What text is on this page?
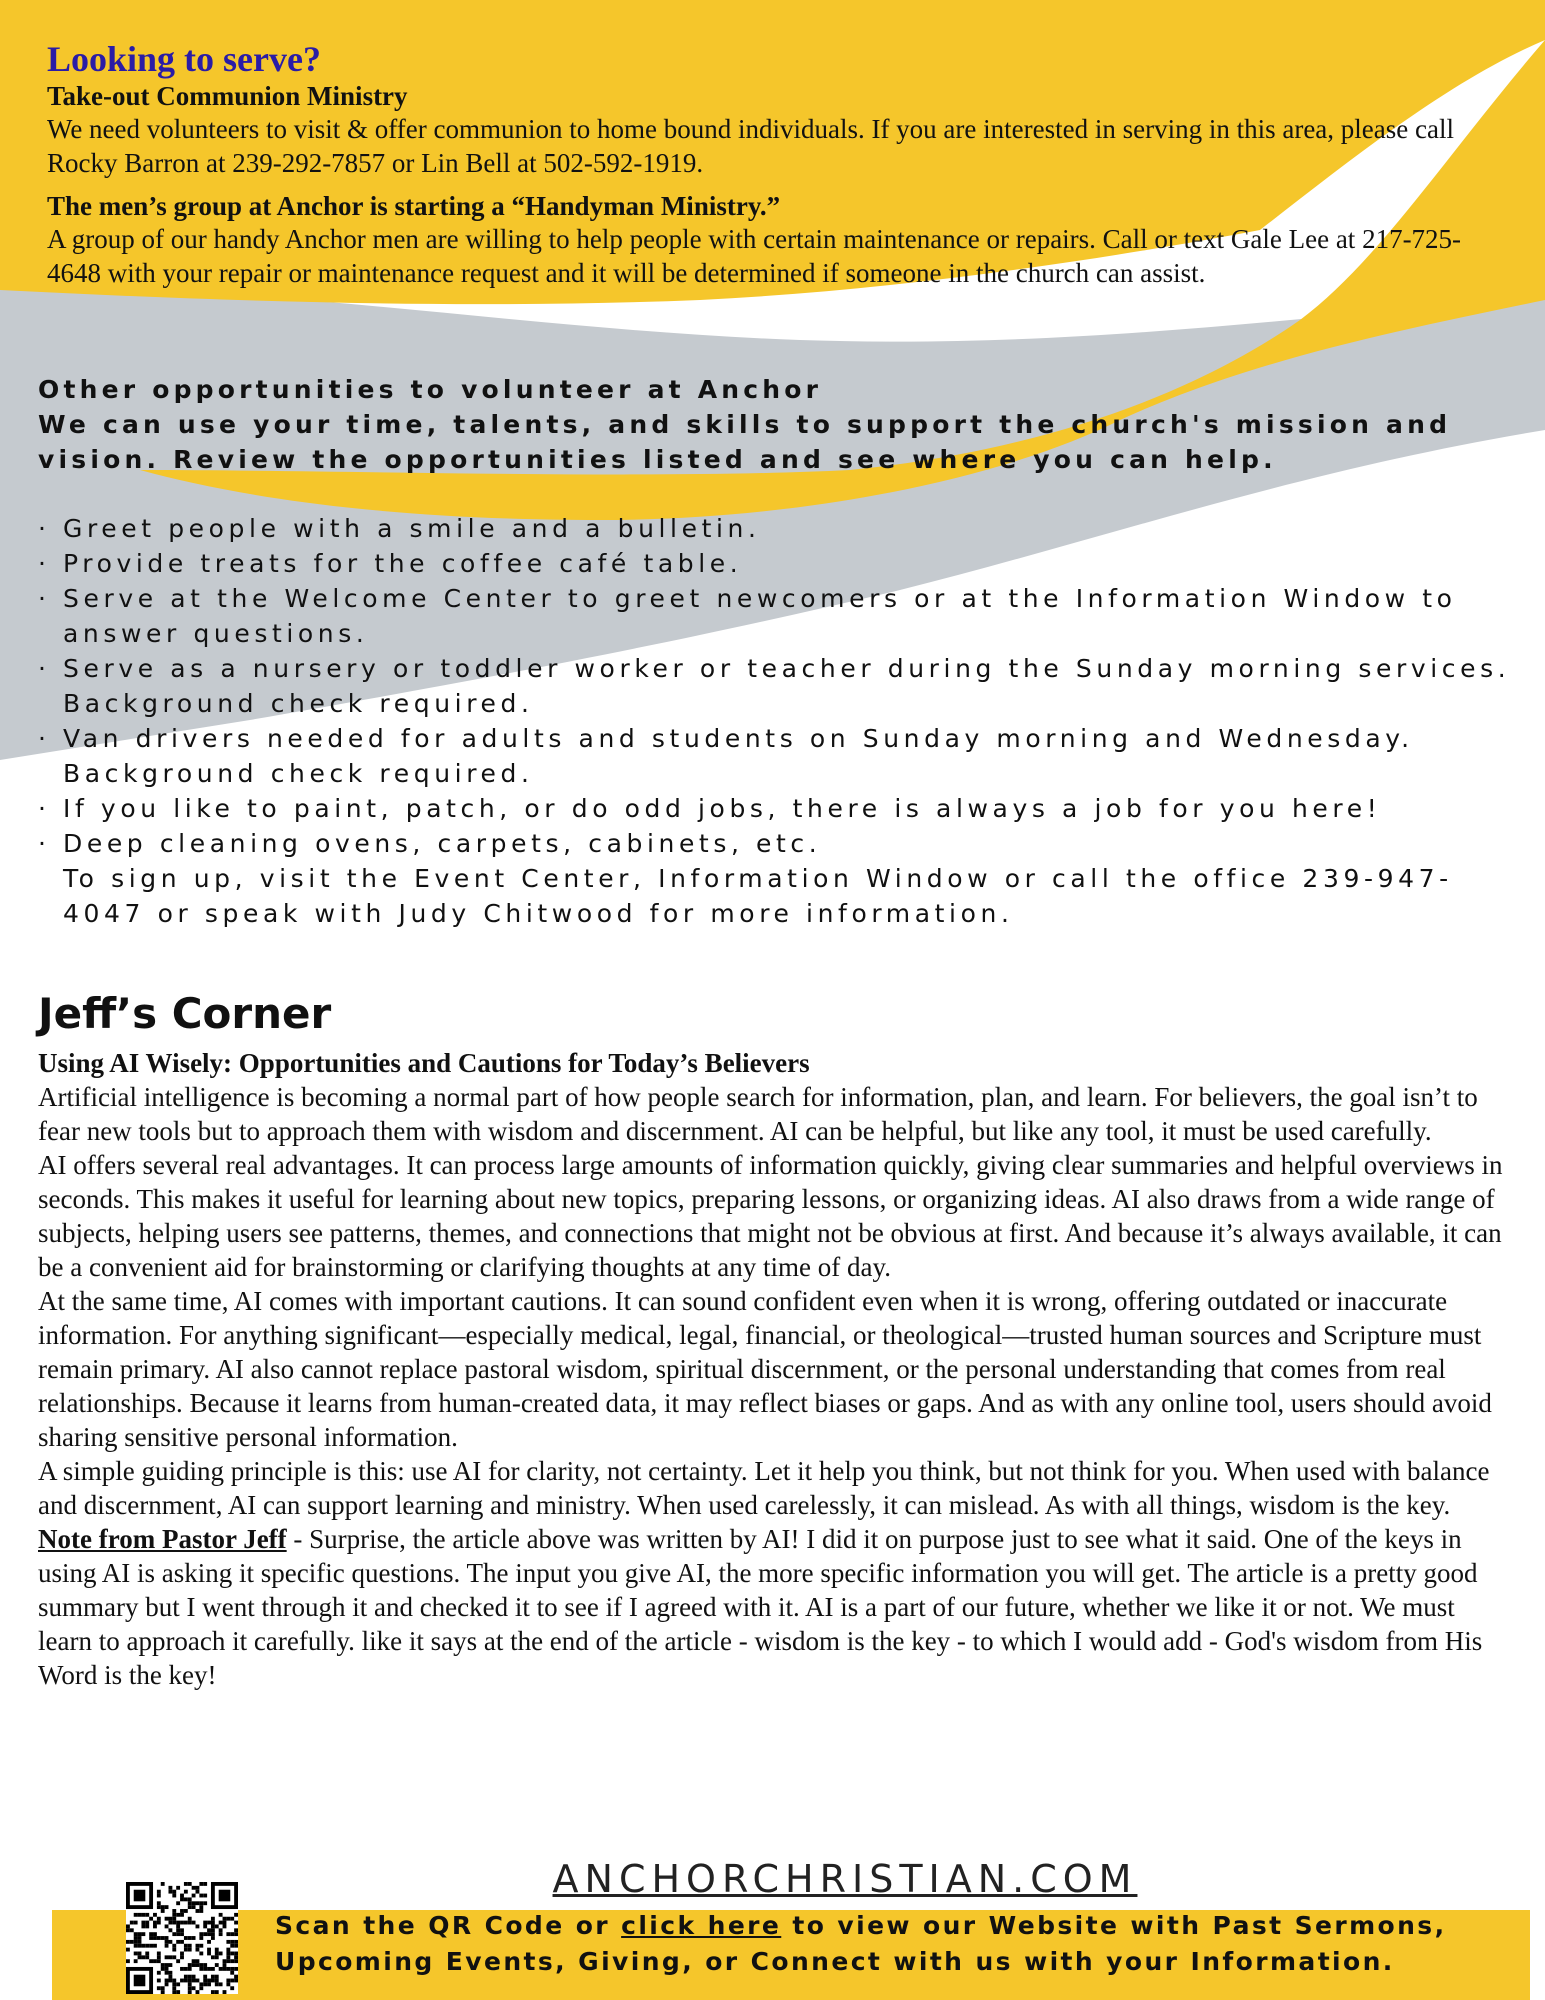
Looking to serve?

Take-out Communion Ministry

We need volunteers to visit & offer communion to home bound individuals. If you are interested in serving in this area, please call Rocky Barron at 239-292-7857 or Lin Bell at 502-592-1919.

The men’s group at Anchor is starting a “Handyman Ministry.”

A group of our handy Anchor men are willing to help people with certain maintenance or repairs. Call or text Gale Lee at 217-725-4648 with your repair or maintenance request and it will be determined if someone in the church can assist.

Other opportunities to volunteer at Anchor

We can use your time, talents, and skills to support the church's mission and vision. Review the opportunities listed and see where you can help.

· Greet people with a smile and a bulletin.
· Provide treats for the coffee café table.
· Serve at the Welcome Center to greet newcomers or at the Information Window to answer questions.
· Serve as a nursery or toddler worker or teacher during the Sunday morning services. Background check required.
· Van drivers needed for adults and students on Sunday morning and Wednesday. Background check required.
· If you like to paint, patch, or do odd jobs, there is always a job for you here!
· Deep cleaning ovens, carpets, cabinets, etc.

To sign up, visit the Event Center, Information Window or call the office 239-947-4047 or speak with Judy Chitwood for more information.

Jeff’s Corner

Using AI Wisely: Opportunities and Cautions for Today’s Believers

Artificial intelligence is becoming a normal part of how people search for information, plan, and learn. For believers, the goal isn’t to fear new tools but to approach them with wisdom and discernment. AI can be helpful, but like any tool, it must be used carefully.

AI offers several real advantages. It can process large amounts of information quickly, giving clear summaries and helpful overviews in seconds. This makes it useful for learning about new topics, preparing lessons, or organizing ideas. AI also draws from a wide range of subjects, helping users see patterns, themes, and connections that might not be obvious at first. And because it’s always available, it can be a convenient aid for brainstorming or clarifying thoughts at any time of day.

At the same time, AI comes with important cautions. It can sound confident even when it is wrong, offering outdated or inaccurate information. For anything significant—especially medical, legal, financial, or theological—trusted human sources and Scripture must remain primary. AI also cannot replace pastoral wisdom, spiritual discernment, or the personal understanding that comes from real relationships. Because it learns from human-created data, it may reflect biases or gaps. And as with any online tool, users should avoid sharing sensitive personal information.

A simple guiding principle is this: use AI for clarity, not certainty. Let it help you think, but not think for you. When used with balance and discernment, AI can support learning and ministry. When used carelessly, it can mislead. As with all things, wisdom is the key.

Note from Pastor Jeff - Surprise, the article above was written by AI! I did it on purpose just to see what it said. One of the keys in using AI is asking it specific questions. The input you give AI, the more specific information you will get. The article is a pretty good summary but I went through it and checked it to see if I agreed with it. AI is a part of our future, whether we like it or not. We must learn to approach it carefully. like it says at the end of the article - wisdom is the key - to which I would add - God's wisdom from His Word is the key!

ANCHORCHRISTIAN.COM
Scan the QR Code or click here to view our Website with Past Sermons, Upcoming Events, Giving, or Connect with us with your Information.
